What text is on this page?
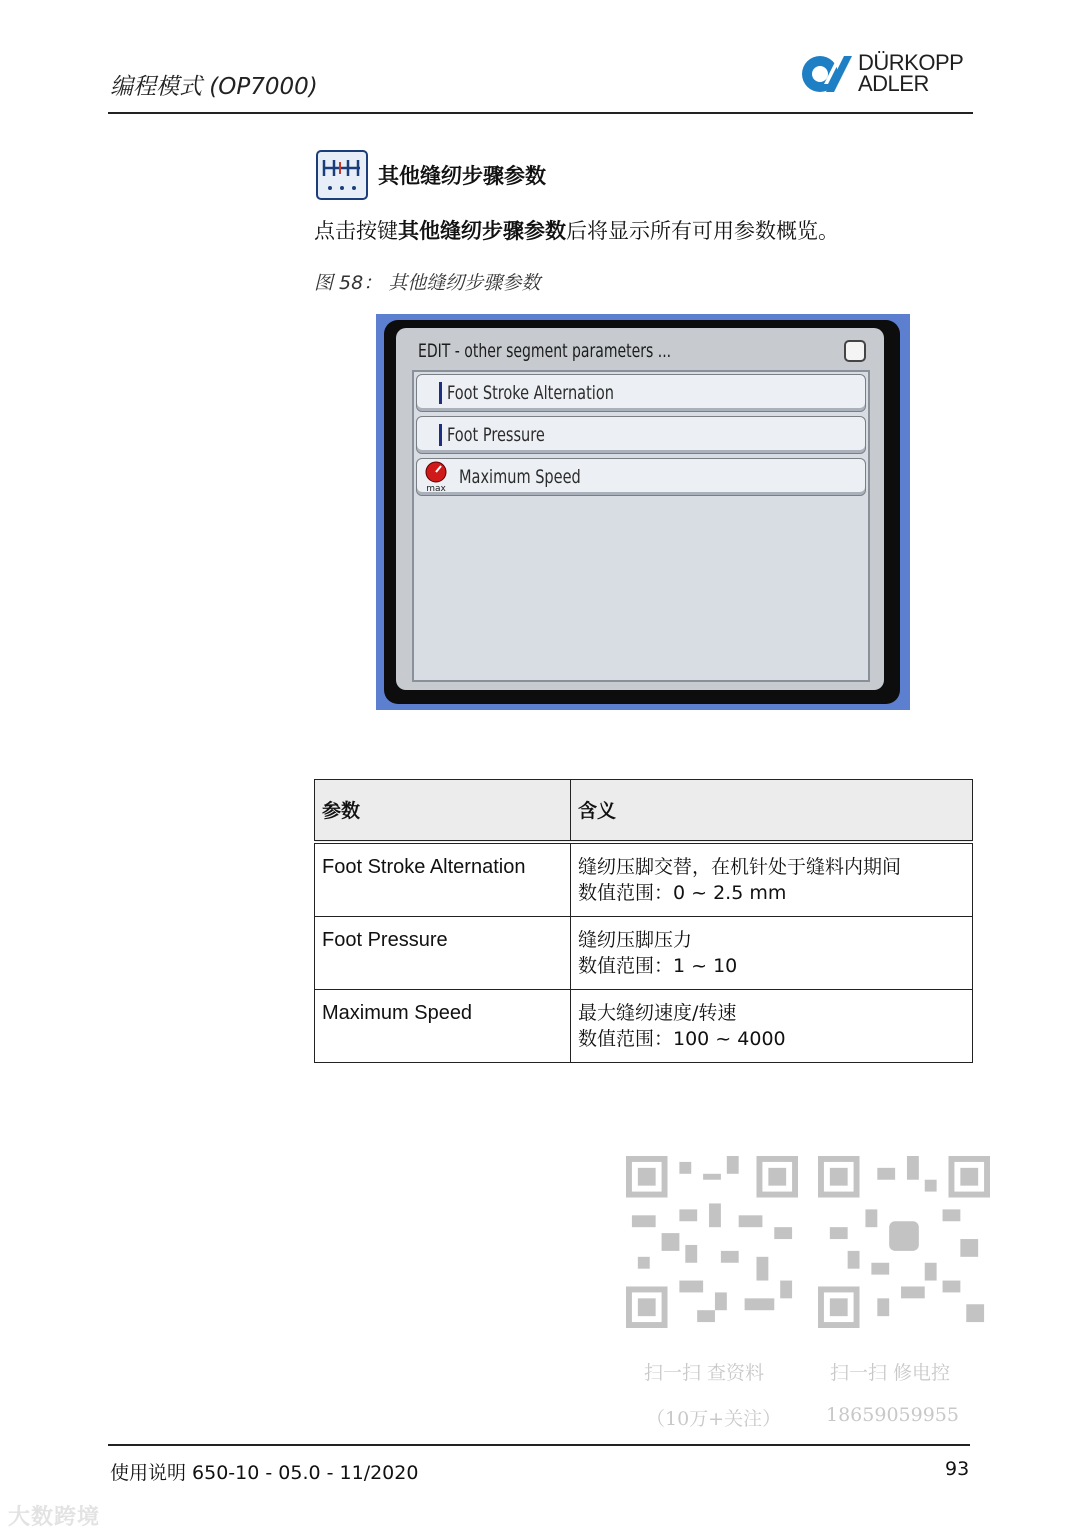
编程模式 (OP7000)
DÜRKOPP
ADLER
其他缝纫步骤参数
点击按键其他缝纫步骤参数后将显示所有可用参数概览。
图 58： 其他缝纫步骤参数
EDIT - other segment parameters ...
Foot Stroke Alternation
Foot Pressure
max
Maximum Speed
参数	含义
Foot Stroke Alternation	缝纫压脚交替，在机针处于缝料内期间
数值范围：0 ~ 2.5 mm

Foot Pressure	缝纫压脚压力
数值范围：1 ~ 10

Maximum Speed	最大缝纫速度/转速
数值范围：100 ~ 4000
扫一扫 查资料
（10万+关注）
扫一扫 修电控
18659059955
使用说明 650-10 - 05.0 - 11/2020	93
大数跨境
